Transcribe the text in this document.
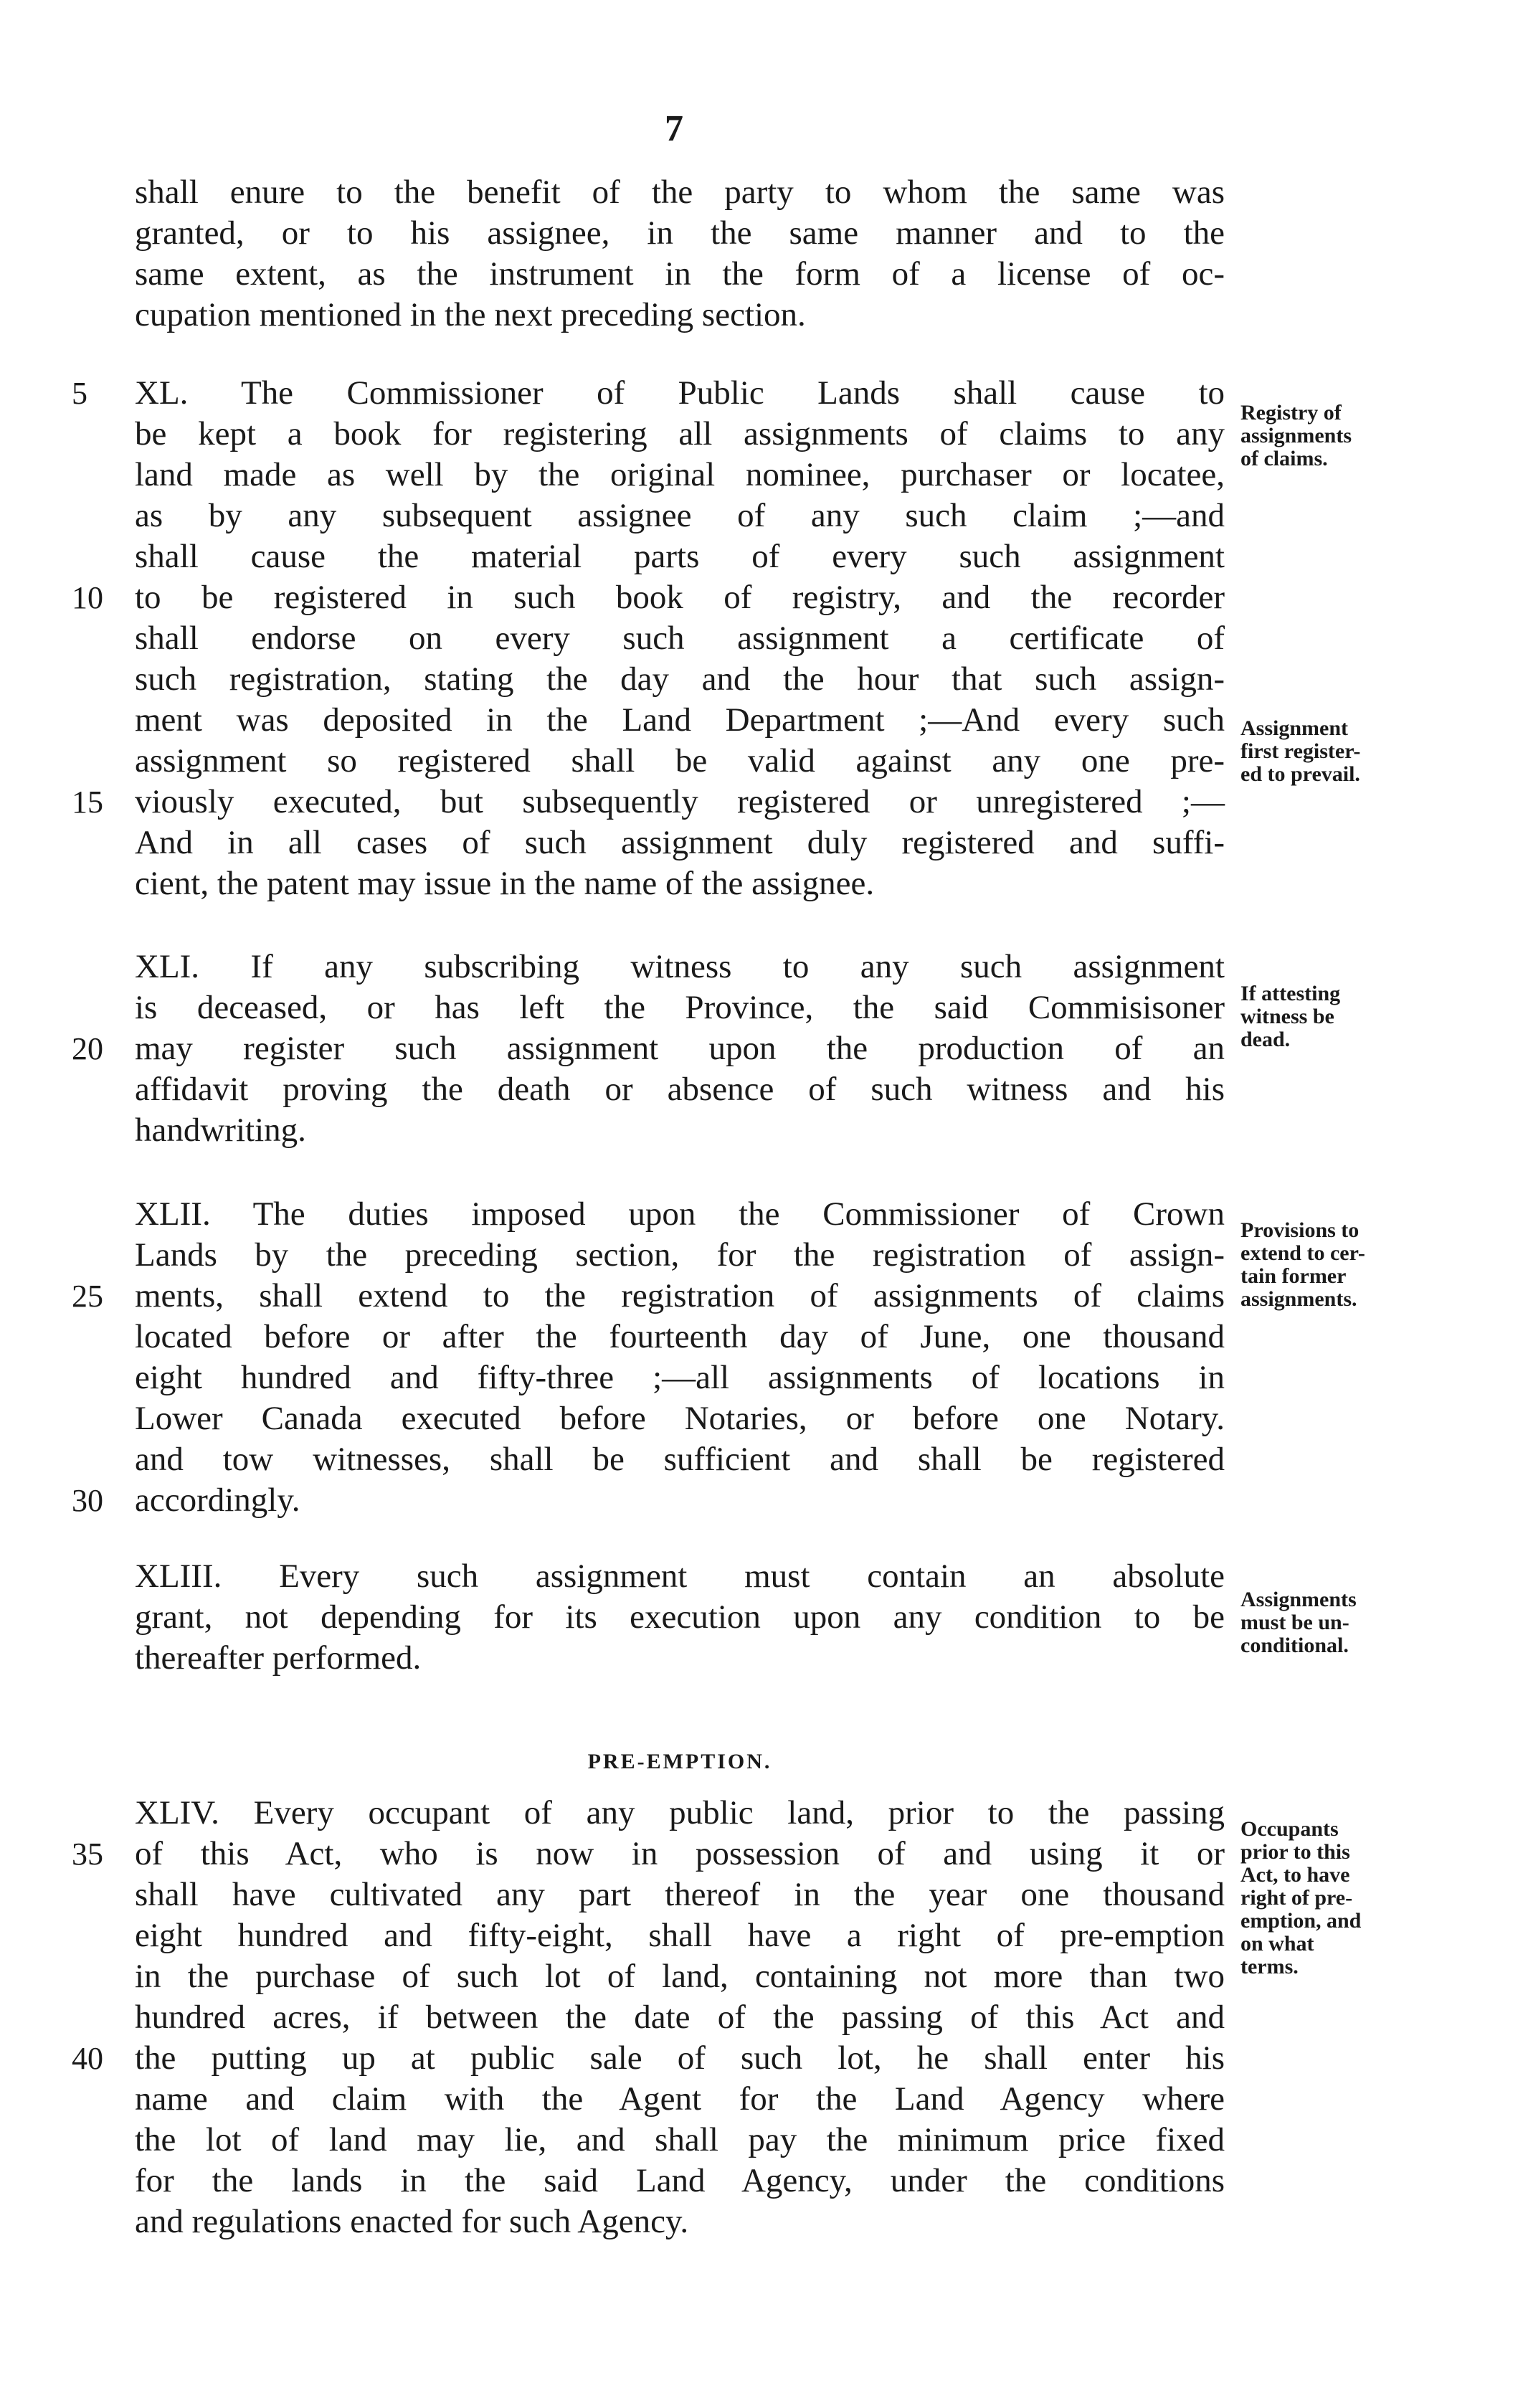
7
shall enure to the benefit of the party to whom the same was
granted, or to his assignee, in the same manner and to the
same extent, as the instrument in the form of a license of oc-
cupation mentioned in the next preceding section.
XL. The Commissioner of Public Lands shall cause to
5
be kept a book for registering all assignments of claims to any
land made as well by the original nominee, purchaser or locatee,
as by any subsequent assignee of any such claim ;—and
shall cause the material parts of every such assignment
to be registered in such book of registry, and the recorder
10
shall endorse on every such assignment a certificate of
such registration, stating the day and the hour that such assign-
ment was deposited in the Land Department ;—And every such
assignment so registered shall be valid against any one pre-
viously executed, but subsequently registered or unregistered ;—
15
And in all cases of such assignment duly registered and suffi-
cient, the patent may issue in the name of the assignee.
XLI. If any subscribing witness to any such assignment
is deceased, or has left the Province, the said Commisisoner
may register such assignment upon the production of an
20
affidavit proving the death or absence of such witness and his
handwriting.
XLII. The duties imposed upon the Commissioner of Crown
Lands by the preceding section, for the registration of assign-
ments, shall extend to the registration of assignments of claims
25
located before or after the fourteenth day of June, one thousand
eight hundred and fifty-three ;—all assignments of locations in
Lower Canada executed before Notaries, or before one Notary.
and tow witnesses, shall be sufficient and shall be registered
accordingly.
30
XLIII. Every such assignment must contain an absolute
grant, not depending for its execution upon any condition to be
thereafter performed.
XLIV. Every occupant of any public land, prior to the passing
of this Act, who is now in possession of and using it or
35
shall have cultivated any part thereof in the year one thousand
eight hundred and fifty-eight, shall have a right of pre-emption
in the purchase of such lot of land, containing not more than two
hundred acres, if between the date of the passing of this Act and
the putting up at public sale of such lot, he shall enter his
40
name and claim with the Agent for the Land Agency where
the lot of land may lie, and shall pay the minimum price fixed
for the lands in the said Land Agency, under the conditions
and regulations enacted for such Agency.
PRE-EMPTION.
Registry of
assignments
of claims.
Assignment
first register-
ed to prevail.
If attesting
witness be
dead.
Provisions to
extend to cer-
tain former
assignments.
Assignments
must be un-
conditional.
Occupants
prior to this
Act, to have
right of pre-
emption, and
on what
terms.
